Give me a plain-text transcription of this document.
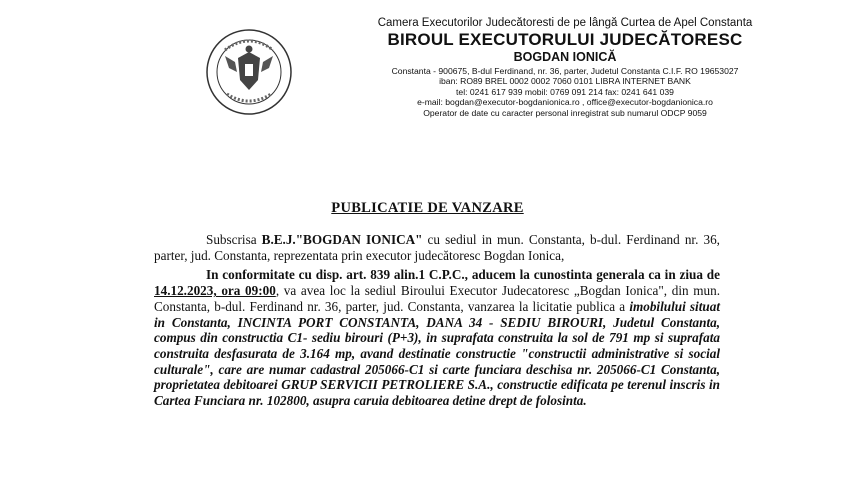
Camera Executorilor Judecătoresti de pe lângă Curtea de Apel Constanta
BIROUL EXECUTORULUI JUDECĂTORESC
BOGDAN IONICĂ
Constanta - 900675, B-dul Ferdinand, nr. 36, parter, Judetul Constanta C.I.F. RO 19653027
iban: RO89 BREL 0002 0002 7060 0101 LIBRA INTERNET BANK
tel: 0241 617 939 mobil: 0769 091 214 fax: 0241 641 039
e-mail: bogdan@executor-bogdanionica.ro , office@executor-bogdanionica.ro
Operator de date cu caracter personal inregistrat sub numarul ODCP 9059
PUBLICATIE DE VANZARE

Subscrisa B.E.J."BOGDAN IONICA" cu sediul in mun. Constanta, b-dul. Ferdinand nr. 36, parter, jud. Constanta, reprezentata prin executor judecătoresc Bogdan Ionica,

In conformitate cu disp. art. 839 alin.1 C.P.C., aducem la cunostinta generala ca in ziua de 14.12.2023, ora 09:00, va avea loc la sediul Biroului Executor Judecatoresc „Bogdan Ionica", din mun. Constanta, b-dul. Ferdinand nr. 36, parter, jud. Constanta, vanzarea la licitatie publica a imobilului situat in Constanta, INCINTA PORT CONSTANTA, DANA 34 - SEDIU BIROURI, Judetul Constanta, compus din constructia C1- sediu birouri (P+3), in suprafata construita la sol de 791 mp si suprafata construita desfasurata de 3.164 mp, avand destinatie constructie "constructii administrative si social culturale", care are numar cadastral 205066-C1 si carte funciara deschisa nr. 205066-C1 Constanta, proprietatea debitoarei GRUP SERVICII PETROLIERE S.A., constructie edificata pe terenul inscris in Cartea Funciara nr. 102800, asupra caruia debitoarea detine drept de folosinta.
